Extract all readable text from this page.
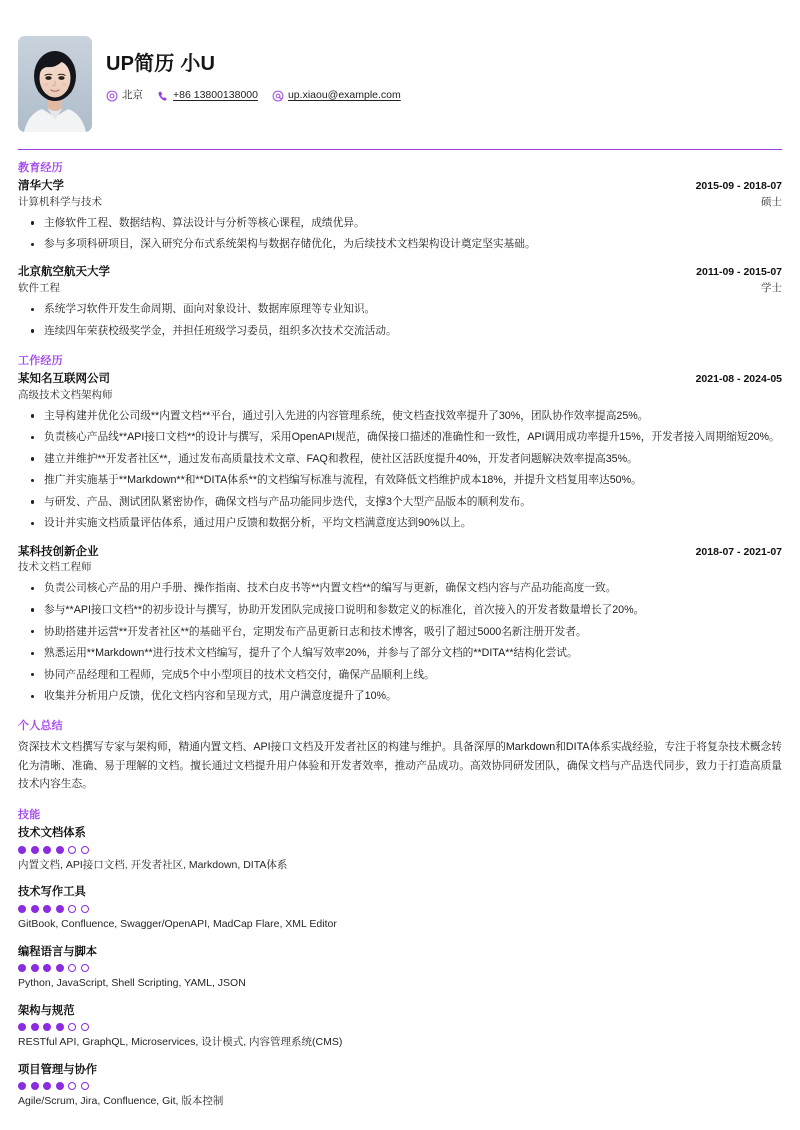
UP简历 小U
北京	+86 13800138000	up.xiaou@example.com
教育经历
清华大学	2015-09 - 2018-07
计算机科学与技术	硕士
主修软件工程、数据结构、算法设计与分析等核心课程，成绩优异。
参与多项科研项目，深入研究分布式系统架构与数据存储优化，为后续技术文档架构设计奠定坚实基础。
北京航空航天大学	2011-09 - 2015-07
软件工程	学士
系统学习软件开发生命周期、面向对象设计、数据库原理等专业知识。
连续四年荣获校级奖学金，并担任班级学习委员，组织多次技术交流活动。
工作经历
某知名互联网公司	2021-08 - 2024-05
高级技术文档架构师
主导构建并优化公司级**内置文档**平台，通过引入先进的内容管理系统，使文档查找效率提升了30%，团队协作效率提高25%。
负责核心产品线**API接口文档**的设计与撰写，采用OpenAPI规范，确保接口描述的准确性和一致性，API调用成功率提升15%，开发者接入周期缩短20%。
建立并维护**开发者社区**，通过发布高质量技术文章、FAQ和教程，使社区活跃度提升40%，开发者问题解决效率提高35%。
推广并实施基于**Markdown**和**DITA体系**的文档编写标准与流程，有效降低文档维护成本18%，并提升文档复用率达50%。
与研发、产品、测试团队紧密协作，确保文档与产品功能同步迭代，支撑3个大型产品版本的顺利发布。
设计并实施文档质量评估体系，通过用户反馈和数据分析，平均文档满意度达到90%以上。
某科技创新企业	2018-07 - 2021-07
技术文档工程师
负责公司核心产品的用户手册、操作指南、技术白皮书等**内置文档**的编写与更新，确保文档内容与产品功能高度一致。
参与**API接口文档**的初步设计与撰写，协助开发团队完成接口说明和参数定义的标准化，首次接入的开发者数量增长了20%。
协助搭建并运营**开发者社区**的基础平台，定期发布产品更新日志和技术博客，吸引了超过5000名新注册开发者。
熟悉运用**Markdown**进行技术文档编写，提升了个人编写效率20%，并参与了部分文档的**DITA**结构化尝试。
协同产品经理和工程师，完成5个中小型项目的技术文档交付，确保产品顺利上线。
收集并分析用户反馈，优化文档内容和呈现方式，用户满意度提升了10%。
个人总结

资深技术文档撰写专家与架构师，精通内置文档、API接口文档及开发者社区的构建与维护。具备深厚的Markdown和DITA体系实战经验，专注于将复杂技术概念转化为清晰、准确、易于理解的文档。擅长通过文档提升用户体验和开发者效率，推动产品成功。高效协同研发团队，确保文档与产品迭代同步，致力于打造高质量技术内容生态。

技能
技术文档体系
内置文档, API接口文档, 开发者社区, Markdown, DITA体系
技术写作工具
GitBook, Confluence, Swagger/OpenAPI, MadCap Flare, XML Editor
编程语言与脚本
Python, JavaScript, Shell Scripting, YAML, JSON
架构与规范
RESTful API, GraphQL, Microservices, 设计模式, 内容管理系统(CMS)
项目管理与协作
Agile/Scrum, Jira, Confluence, Git, 版本控制
